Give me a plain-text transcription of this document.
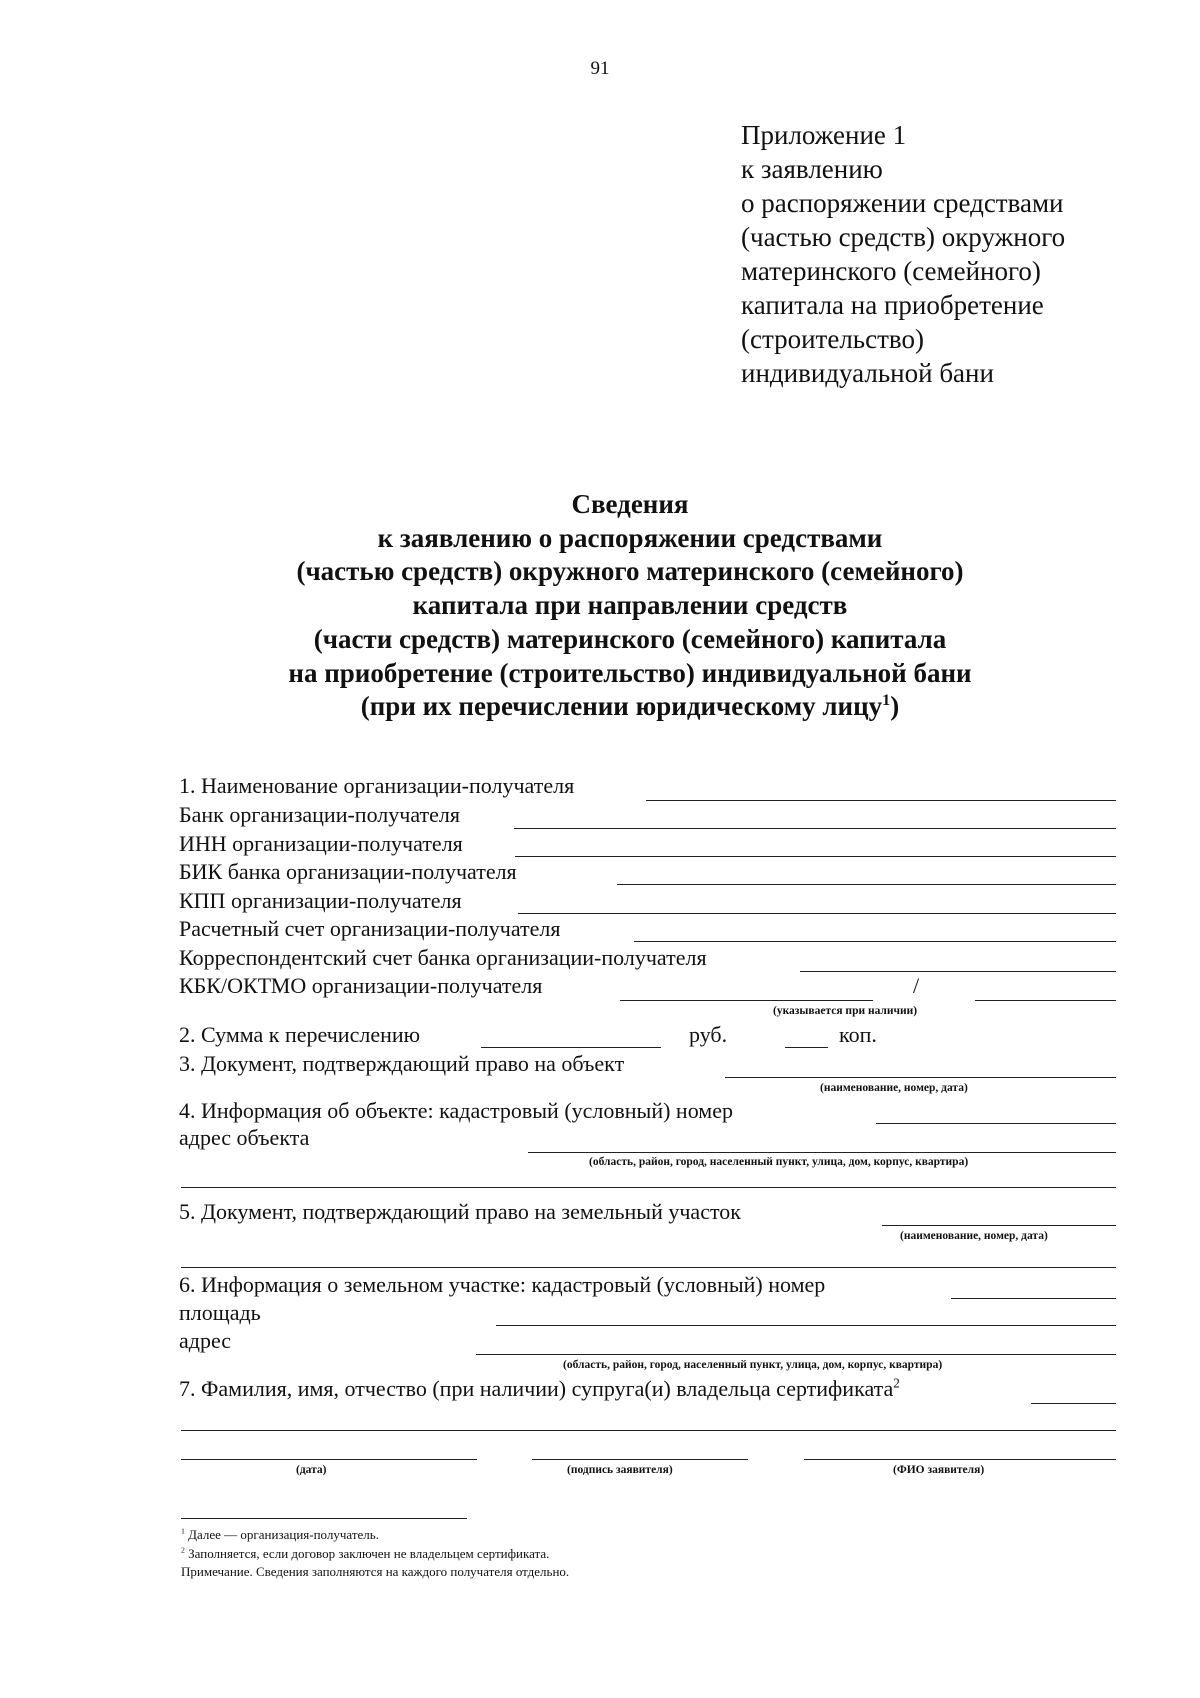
91
Приложение 1
к заявлению
о распоряжении средствами
(частью средств) окружного
материнского (семейного)
капитала на приобретение
(строительство)
индивидуальной бани
Сведения
к заявлению о распоряжении средствами
(частью средств) окружного материнского (семейного)
капитала при направлении средств
(части средств) материнского (семейного) капитала
на приобретение (строительство) индивидуальной бани
(при их перечислении юридическому лицу$^1$)
1. Наименование организации-получателя
Банк организации-получателя
ИНН организации-получателя
БИК банка организации-получателя
КПП организации-получателя
Расчетный счет организации-получателя
Корреспондентский счет банка организации-получателя
КБК/ОКТМО организации-получателя	/
(указывается при наличии)
2. Сумма к перечислению	руб.	коп.
3. Документ, подтверждающий право на объект
(наименование, номер, дата)
4. Информация об объекте: кадастровый (условный) номер
адрес объекта
(область, район, город, населенный пункт, улица, дом, корпус, квартира)
5. Документ, подтверждающий право на земельный участок
(наименование, номер, дата)
6. Информация о земельном участке: кадастровый (условный) номер
площадь
адрес
(область, район, город, населенный пункт, улица, дом, корпус, квартира)
7. Фамилия, имя, отчество (при наличии) супруга(и) владельца сертификата$^2$
(дата)	(подпись заявителя)	(ФИО заявителя)
$^1$ Далее — организация-получатель.
$^2$ Заполняется, если договор заключен не владельцем сертификата.
Примечание. Сведения заполняются на каждого получателя отдельно.
